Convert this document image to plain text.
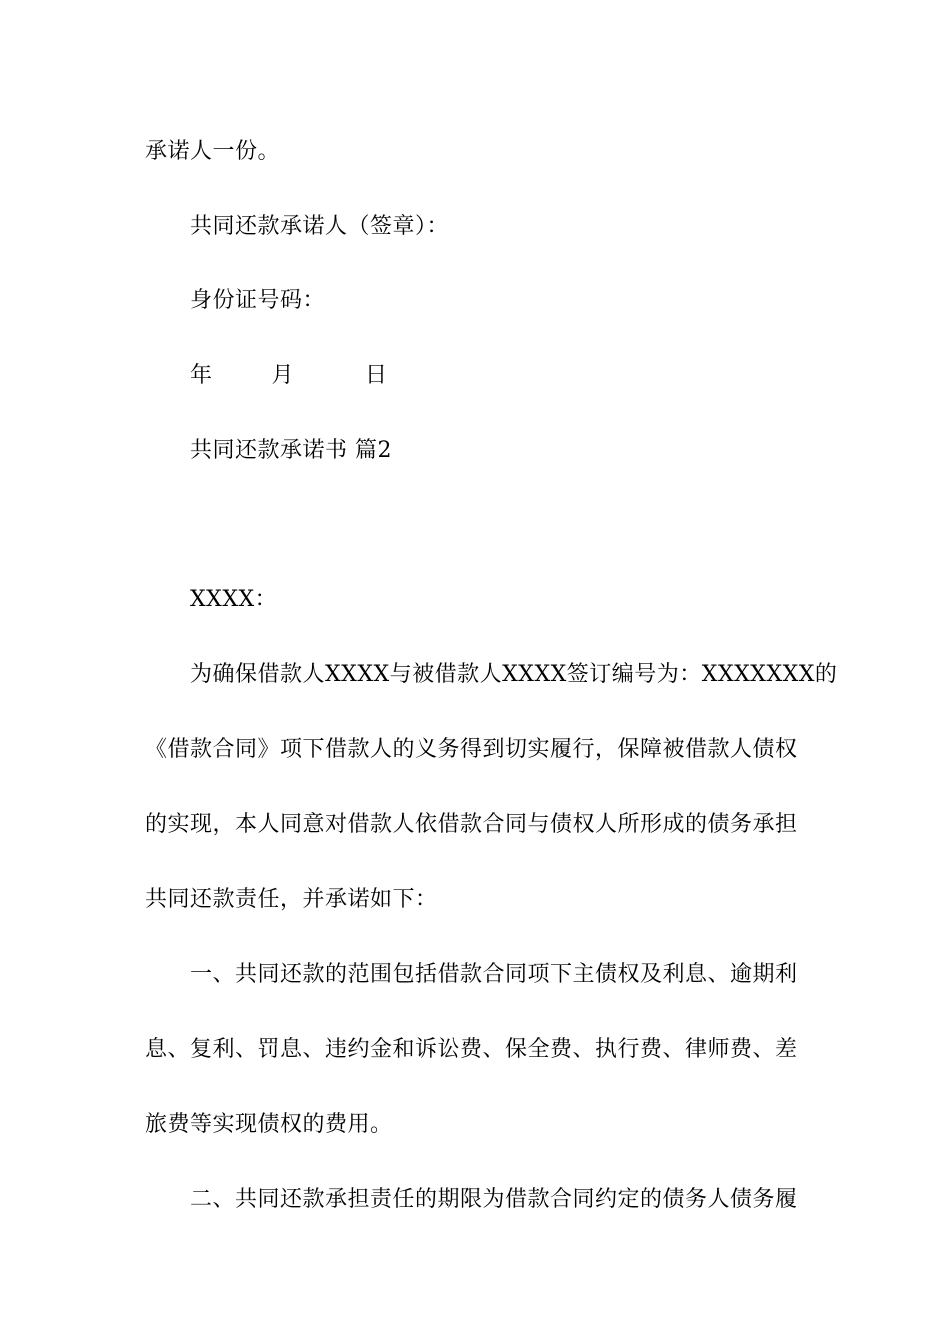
承诺人一份。
共同还款承诺人（签章）：
身份证号码：
年	月	日
共同还款承诺书 篇2
XXXX：
为确保借款人XXXX与被借款人XXXX签订编号为：XXXXXXX的
《借款合同》项下借款人的义务得到切实履行，保障被借款人债权
的实现，本人同意对借款人依借款合同与债权人所形成的债务承担
共同还款责任，并承诺如下：
一、共同还款的范围包括借款合同项下主债权及利息、逾期利
息、复利、罚息、违约金和诉讼费、保全费、执行费、律师费、差
旅费等实现债权的费用。
二、共同还款承担责任的期限为借款合同约定的债务人债务履
